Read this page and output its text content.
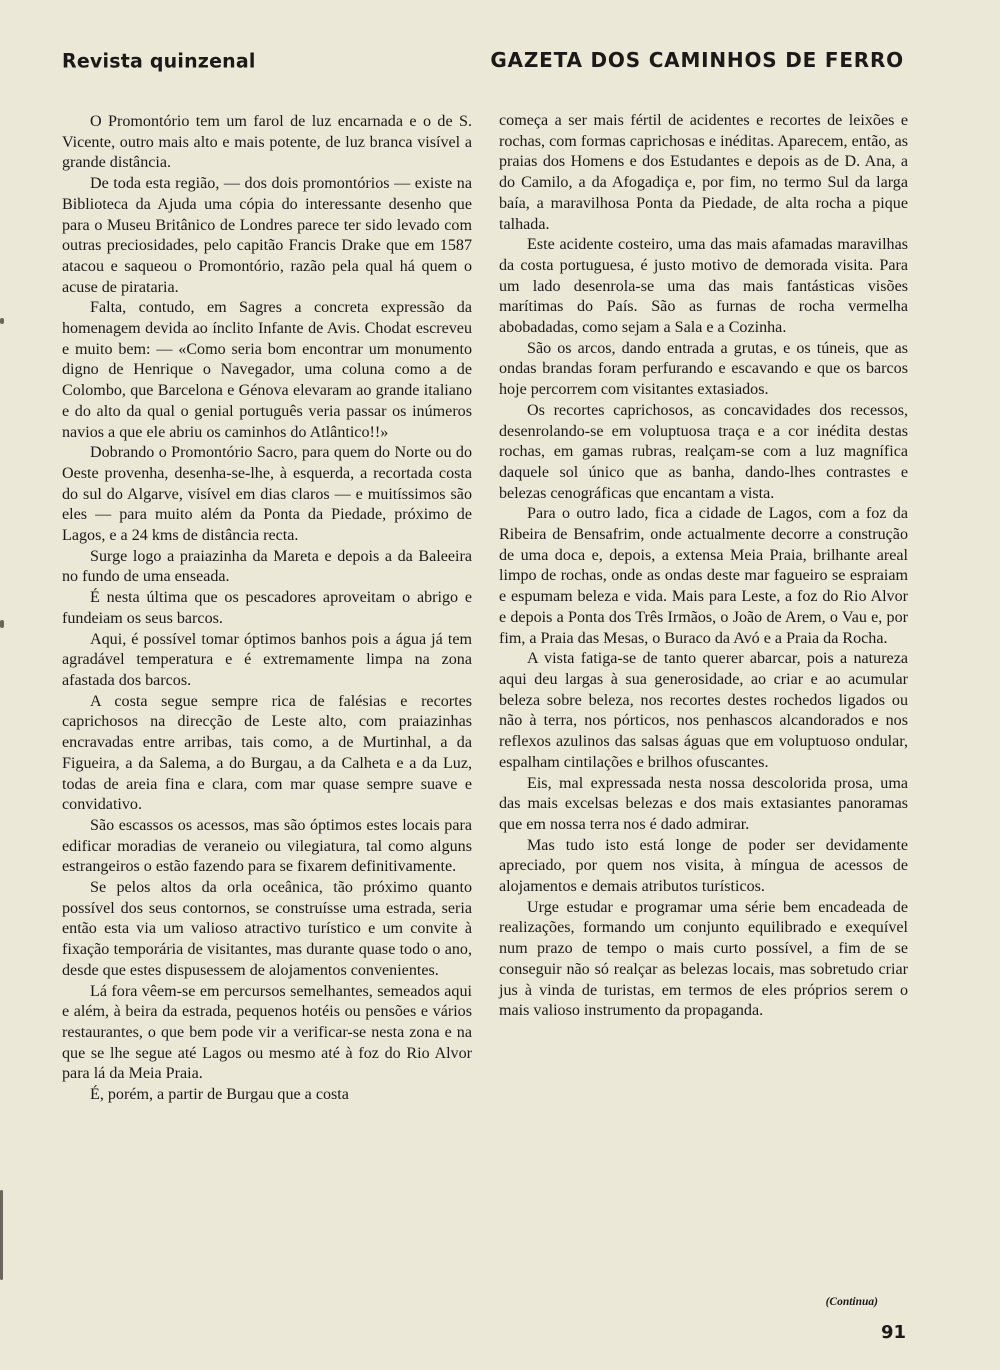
Revista quinzenal	GAZETA DOS CAMINHOS DE FERRO

O Promontório tem um farol de luz encarnada e o de S. Vicente, outro mais alto e mais potente, de luz branca visível a grande distância.

De toda esta região, — dos dois promontórios — existe na Biblioteca da Ajuda uma cópia do interessante desenho que para o Museu Britânico de Londres parece ter sido levado com outras preciosidades, pelo capitão Francis Drake que em 1587 atacou e saqueou o Promontório, razão pela qual há quem o acuse de pirataria.

Falta, contudo, em Sagres a concreta expressão da homenagem devida ao ínclito Infante de Avis. Chodat escreveu e muito bem: — «Como seria bom encontrar um monumento digno de Henrique o Navegador, uma coluna como a de Colombo, que Barcelona e Génova elevaram ao grande italiano e do alto da qual o genial português veria passar os inúmeros navios a que ele abriu os caminhos do Atlântico!!»

Dobrando o Promontório Sacro, para quem do Norte ou do Oeste provenha, desenha-se-lhe, à esquerda, a recortada costa do sul do Algarve, visível em dias claros — e muitíssimos são eles — para muito além da Ponta da Piedade, próximo de Lagos, e a 24 kms de distância recta.

Surge logo a praiazinha da Mareta e depois a da Baleeira no fundo de uma enseada.

É nesta última que os pescadores aproveitam o abrigo e fundeiam os seus barcos.

Aqui, é possível tomar óptimos banhos pois a água já tem agradável temperatura e é extremamente limpa na zona afastada dos barcos.

A costa segue sempre rica de falésias e recortes caprichosos na direcção de Leste alto, com praiazinhas encravadas entre arribas, tais como, a de Murtinhal, a da Figueira, a da Salema, a do Burgau, a da Calheta e a da Luz, todas de areia fina e clara, com mar quase sempre suave e convidativo.

São escassos os acessos, mas são óptimos estes locais para edificar moradias de veraneio ou vilegiatura, tal como alguns estrangeiros o estão fazendo para se fixarem definitivamente.

Se pelos altos da orla oceânica, tão próximo quanto possível dos seus contornos, se construísse uma estrada, seria então esta via um valioso atractivo turístico e um convite à fixação temporária de visitantes, mas durante quase todo o ano, desde que estes dispusessem de alojamentos convenientes.

Lá fora vêem-se em percursos semelhantes, semeados aqui e além, à beira da estrada, pequenos hotéis ou pensões e vários restaurantes, o que bem pode vir a verificar-se nesta zona e na que se lhe segue até Lagos ou mesmo até à foz do Rio Alvor para lá da Meia Praia.

É, porém, a partir de Burgau que a costa

começa a ser mais fértil de acidentes e recortes de leixões e rochas, com formas caprichosas e inéditas. Aparecem, então, as praias dos Homens e dos Estudantes e depois as de D. Ana, a do Camilo, a da Afogadiça e, por fim, no termo Sul da larga baía, a maravilhosa Ponta da Piedade, de alta rocha a pique talhada.

Este acidente costeiro, uma das mais afamadas maravilhas da costa portuguesa, é justo motivo de demorada visita. Para um lado desenrola-se uma das mais fantásticas visões marítimas do País. São as furnas de rocha vermelha abobadadas, como sejam a Sala e a Cozinha.

São os arcos, dando entrada a grutas, e os túneis, que as ondas brandas foram perfurando e escavando e que os barcos hoje percorrem com visitantes extasiados.

Os recortes caprichosos, as concavidades dos recessos, desenrolando-se em voluptuosa traça e a cor inédita destas rochas, em gamas rubras, realçam-se com a luz magnífica daquele sol único que as banha, dando-lhes contrastes e belezas cenográficas que encantam a vista.

Para o outro lado, fica a cidade de Lagos, com a foz da Ribeira de Bensafrim, onde actualmente decorre a construção de uma doca e, depois, a extensa Meia Praia, brilhante areal limpo de rochas, onde as ondas deste mar fagueiro se espraiam e espumam beleza e vida. Mais para Leste, a foz do Rio Alvor e depois a Ponta dos Três Irmãos, o João de Arem, o Vau e, por fim, a Praia das Mesas, o Buraco da Avó e a Praia da Rocha.

A vista fatiga-se de tanto querer abarcar, pois a natureza aqui deu largas à sua generosidade, ao criar e ao acumular beleza sobre beleza, nos recortes destes rochedos ligados ou não à terra, nos pórticos, nos penhascos alcandorados e nos reflexos azulinos das salsas águas que em voluptuoso ondular, espalham cintilações e brilhos ofuscantes.

Eis, mal expressada nesta nossa descolorida prosa, uma das mais excelsas belezas e dos mais extasiantes panoramas que em nossa terra nos é dado admirar.

Mas tudo isto está longe de poder ser devidamente apreciado, por quem nos visita, à míngua de acessos de alojamentos e demais atributos turísticos.

Urge estudar e programar uma série bem encadeada de realizações, formando um conjunto equilibrado e exequível num prazo de tempo o mais curto possível, a fim de se conseguir não só realçar as belezas locais, mas sobretudo criar jus à vinda de turistas, em termos de eles próprios serem o mais valioso instrumento da propaganda.

(Continua)
91
